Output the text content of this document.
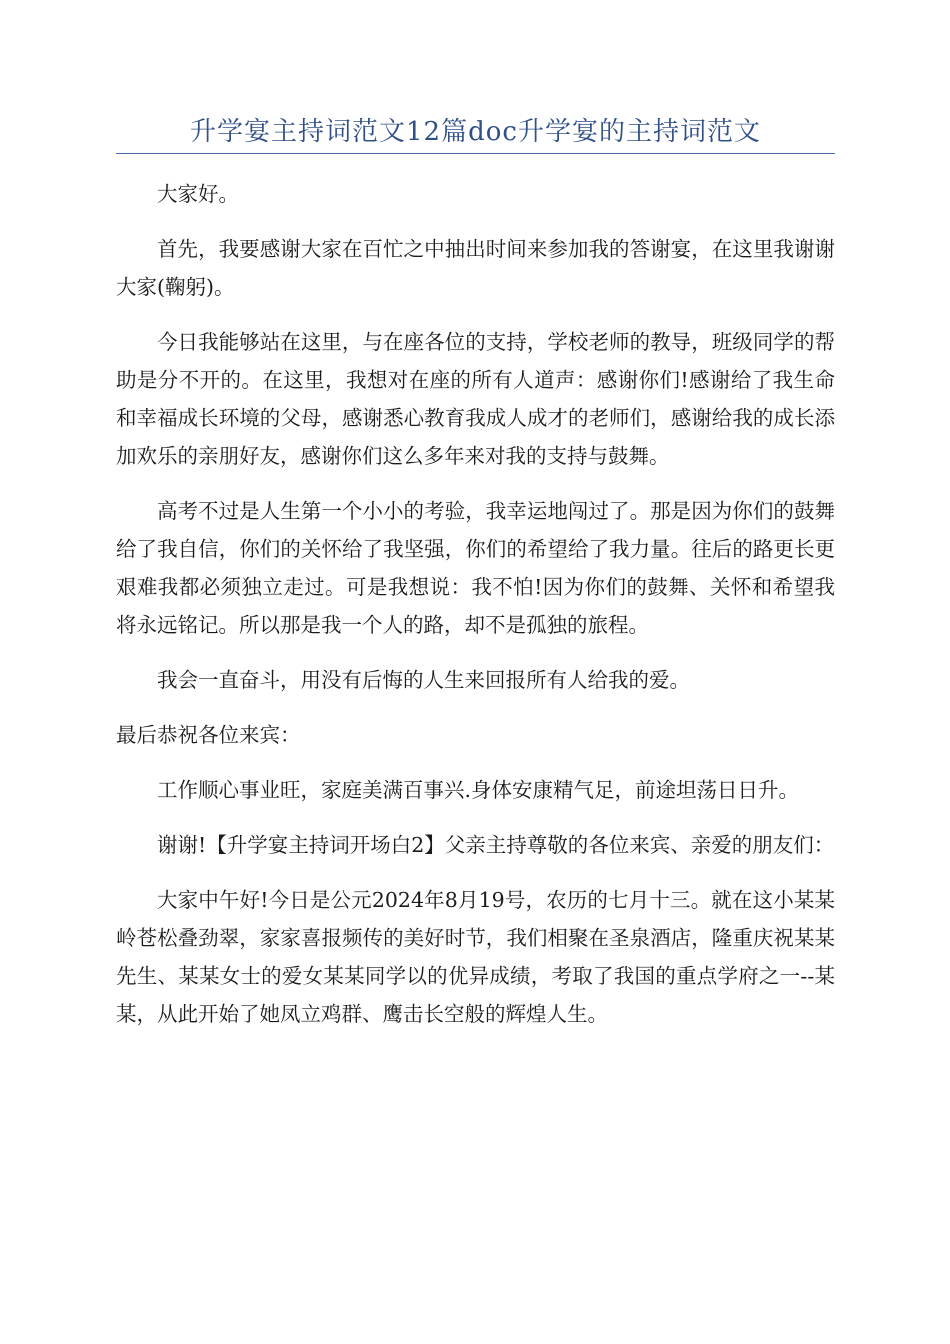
升学宴主持词范文12篇doc升学宴的主持词范文

大家好。

首先，我要感谢大家在百忙之中抽出时间来参加我的答谢宴，在这里我谢谢大家(鞠躬)。

今日我能够站在这里，与在座各位的支持，学校老师的教导，班级同学的帮助是分不开的。在这里，我想对在座的所有人道声：感谢你们!感谢给了我生命和幸福成长环境的父母，感谢悉心教育我成人成才的老师们，感谢给我的成长添加欢乐的亲朋好友，感谢你们这么多年来对我的支持与鼓舞。

高考不过是人生第一个小小的考验，我幸运地闯过了。那是因为你们的鼓舞给了我自信，你们的关怀给了我坚强，你们的希望给了我力量。往后的路更长更艰难我都必须独立走过。可是我想说：我不怕!因为你们的鼓舞、关怀和希望我将永远铭记。所以那是我一个人的路，却不是孤独的旅程。

我会一直奋斗，用没有后悔的人生来回报所有人给我的爱。

最后恭祝各位来宾：

工作顺心事业旺，家庭美满百事兴.身体安康精气足，前途坦荡日日升。

谢谢!【升学宴主持词开场白2】父亲主持尊敬的各位来宾、亲爱的朋友们：

大家中午好!今日是公元2024年8月19号，农历的七月十三。就在这小某某岭苍松叠劲翠，家家喜报频传的美好时节，我们相聚在圣泉酒店，隆重庆祝某某先生、某某女士的爱女某某同学以的优异成绩，考取了我国的重点学府之一--某某，从此开始了她凤立鸡群、鹰击长空般的辉煌人生。
